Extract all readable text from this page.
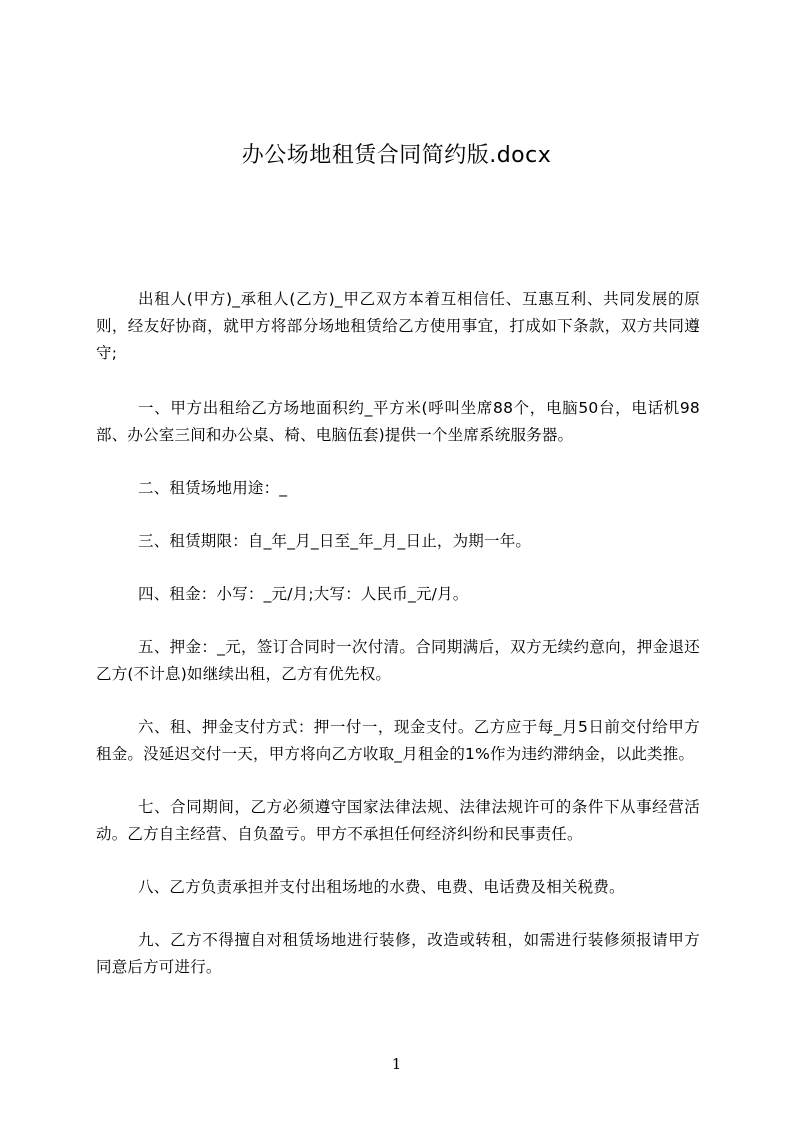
办公场地租赁合同简约版.docx

出租人(甲方)_承租人(乙方)_甲乙双方本着互相信任、互惠互利、共同发展的原则，经友好协商，就甲方将部分场地租赁给乙方使用事宜，打成如下条款，双方共同遵守;

一、甲方出租给乙方场地面积约_平方米(呼叫坐席88个，电脑50台，电话机98部、办公室三间和办公桌、椅、电脑伍套)提供一个坐席系统服务器。

二、租赁场地用途：_

三、租赁期限：自_年_月_日至_年_月_日止，为期一年。

四、租金：小写：_元/月;大写：人民币_元/月。

五、押金：_元，签订合同时一次付清。合同期满后，双方无续约意向，押金退还乙方(不计息)如继续出租，乙方有优先权。

六、租、押金支付方式：押一付一，现金支付。乙方应于每_月5日前交付给甲方租金。没延迟交付一天，甲方将向乙方收取_月租金的1%作为违约滞纳金，以此类推。

七、合同期间，乙方必须遵守国家法律法规、法律法规许可的条件下从事经营活动。乙方自主经营、自负盈亏。甲方不承担任何经济纠纷和民事责任。

八、乙方负责承担并支付出租场地的水费、电费、电话费及相关税费。

九、乙方不得擅自对租赁场地进行装修，改造或转租，如需进行装修须报请甲方同意后方可进行。

1
